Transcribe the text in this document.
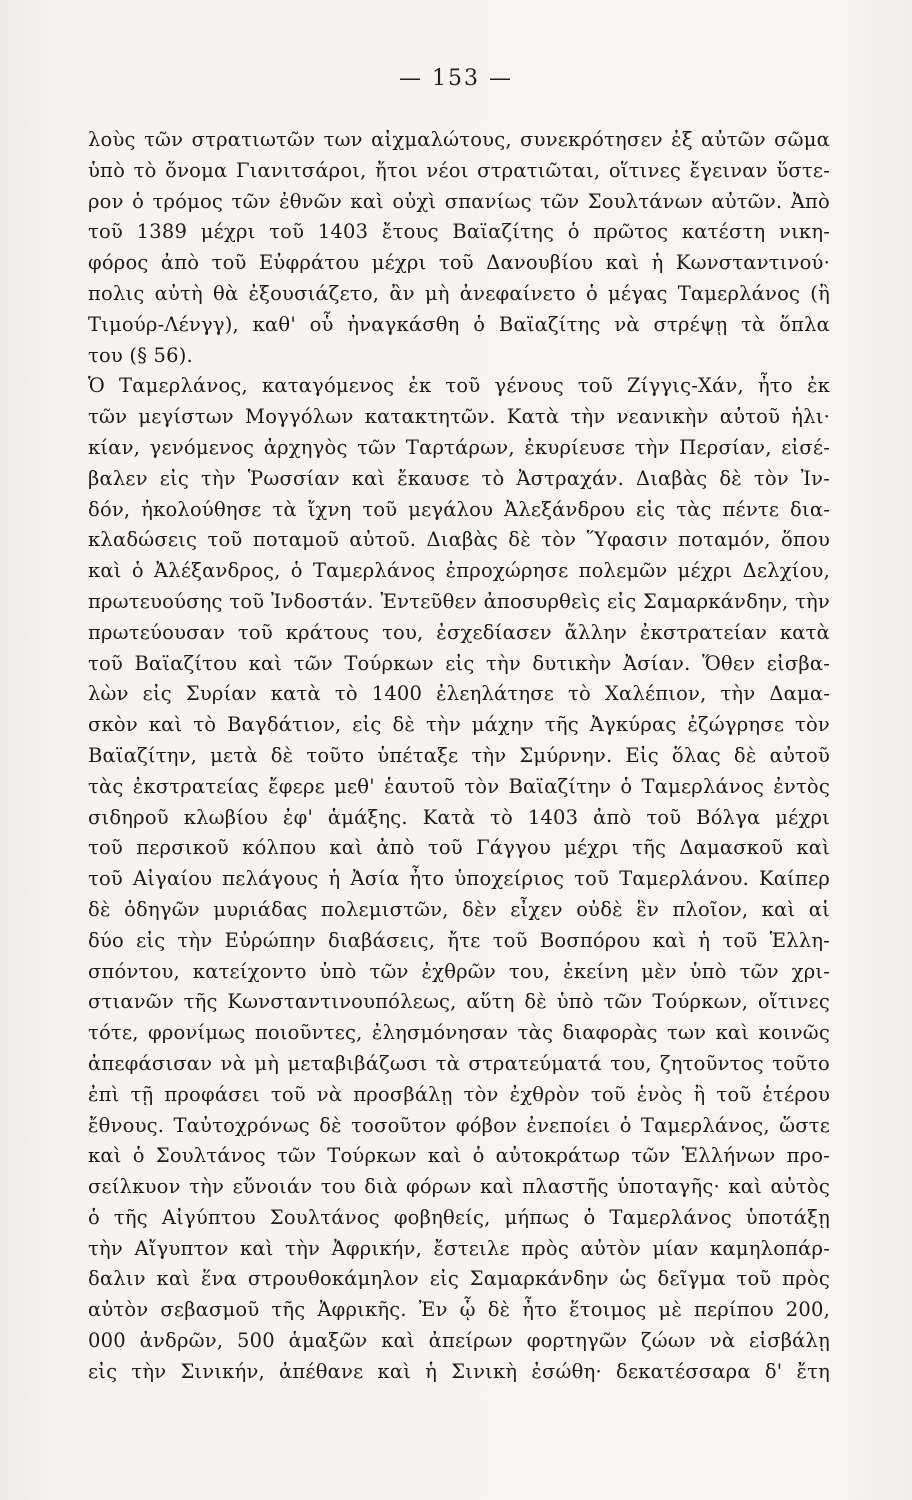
— 153 —
λοὺς τῶν στρατιωτῶν των αἰχμαλώτους, συνεκρότησεν ἐξ αὐτῶν σῶμα
ὑπὸ τὸ ὄνομα Γιανιτσάροι, ἤτοι νέοι στρατιῶται, οἵτινες ἔγειναν ὕστε-
ρον ὁ τρόμος τῶν ἐθνῶν καὶ οὐχὶ σπανίως τῶν Σουλτάνων αὐτῶν. Ἀπὸ
τοῦ 1389 μέχρι τοῦ 1403 ἔτους Βαϊαζίτης ὁ πρῶτος κατέστη νικη-
φόρος ἀπὸ τοῦ Εὐφράτου μέχρι τοῦ Δανουβίου καὶ ἡ Κωνσταντινού·
πολις αὐτὴ θὰ ἐξουσιάζετο, ἂν μὴ ἀνεφαίνετο ὁ μέγας Ταμερλάνος (ἢ
Τιμούρ-Λένγγ), καθ' οὗ ἠναγκάσθη ὁ Βαϊαζίτης νὰ στρέψῃ τὰ ὅπλα
του (§ 56).
Ὁ Ταμερλάνος, καταγόμενος ἐκ τοῦ γένους τοῦ Ζίγγις-Χάν, ἦτο ἐκ
τῶν μεγίστων Μογγόλων κατακτητῶν. Κατὰ τὴν νεανικὴν αὐτοῦ ἡλι·
κίαν, γενόμενος ἀρχηγὸς τῶν Ταρτάρων, ἐκυρίευσε τὴν Περσίαν, εἰσέ-
βαλεν εἰς τὴν Ῥωσσίαν καὶ ἔκαυσε τὸ Ἀστραχάν. Διαβὰς δὲ τὸν Ἰν-
δόν, ἠκολούθησε τὰ ἴχνη τοῦ μεγάλου Ἀλεξάνδρου εἰς τὰς πέντε δια-
κλαδώσεις τοῦ ποταμοῦ αὐτοῦ. Διαβὰς δὲ τὸν Ὕφασιν ποταμόν, ὅπου
καὶ ὁ Ἀλέξανδρος, ὁ Ταμερλάνος ἐπροχώρησε πολεμῶν μέχρι Δελχίου,
πρωτευούσης τοῦ Ἰνδοστάν. Ἐντεῦθεν ἀποσυρθεὶς εἰς Σαμαρκάνδην, τὴν
πρωτεύουσαν τοῦ κράτους του, ἐσχεδίασεν ἄλλην ἐκστρατείαν κατὰ
τοῦ Βαϊαζίτου καὶ τῶν Τούρκων εἰς τὴν δυτικὴν Ἀσίαν. Ὅθεν εἰσβα-
λὼν εἰς Συρίαν κατὰ τὸ 1400 ἐλεηλάτησε τὸ Χαλέπιον, τὴν Δαμα-
σκὸν καὶ τὸ Βαγδάτιον, εἰς δὲ τὴν μάχην τῆς Ἀγκύρας ἐζώγρησε τὸν
Βαϊαζίτην, μετὰ δὲ τοῦτο ὑπέταξε τὴν Σμύρνην. Εἰς ὅλας δὲ αὐτοῦ
τὰς ἐκστρατείας ἔφερε μεθ' ἑαυτοῦ τὸν Βαϊαζίτην ὁ Ταμερλάνος ἐντὸς
σιδηροῦ κλωβίου ἐφ' ἁμάξης. Κατὰ τὸ 1403 ἀπὸ τοῦ Βόλγα μέχρι
τοῦ περσικοῦ κόλπου καὶ ἀπὸ τοῦ Γάγγου μέχρι τῆς Δαμασκοῦ καὶ
τοῦ Αἰγαίου πελάγους ἡ Ἀσία ἦτο ὑποχείριος τοῦ Ταμερλάνου. Καίπερ
δὲ ὀδηγῶν μυριάδας πολεμιστῶν, δὲν εἶχεν οὐδὲ ἓν πλοῖον, καὶ αἱ
δύο εἰς τὴν Εὐρώπην διαβάσεις, ἤτε τοῦ Βοσπόρου καὶ ἡ τοῦ Ἑλλη-
σπόντου, κατείχοντο ὑπὸ τῶν ἐχθρῶν του, ἐκείνη μὲν ὑπὸ τῶν χρι-
στιανῶν τῆς Κωνσταντινουπόλεως, αὕτη δὲ ὑπὸ τῶν Τούρκων, οἵτινες
τότε, φρονίμως ποιοῦντες, ἐλησμόνησαν τὰς διαφορὰς των καὶ κοινῶς
ἀπεφάσισαν νὰ μὴ μεταβιβάζωσι τὰ στρατεύματά του, ζητοῦντος τοῦτο
ἐπὶ τῇ προφάσει τοῦ νὰ προσβάλῃ τὸν ἐχθρὸν τοῦ ἑνὸς ἢ τοῦ ἑτέρου
ἔθνους. Ταὐτοχρόνως δὲ τοσοῦτον φόβον ἐνεποίει ὁ Ταμερλάνος, ὥστε
καὶ ὁ Σουλτάνος τῶν Τούρκων καὶ ὁ αὐτοκράτωρ τῶν Ἑλλήνων προ-
σείλκυον τὴν εὔνοιάν του διὰ φόρων καὶ πλαστῆς ὑποταγῆς· καὶ αὐτὸς
ὁ τῆς Αἰγύπτου Σουλτάνος φοβηθείς, μήπως ὁ Ταμερλάνος ὑποτάξῃ
τὴν Αἴγυπτον καὶ τὴν Ἀφρικήν, ἔστειλε πρὸς αὐτὸν μίαν καμηλοπάρ-
δαλιν καὶ ἕνα στρουθοκάμηλον εἰς Σαμαρκάνδην ὡς δεῖγμα τοῦ πρὸς
αὐτὸν σεβασμοῦ τῆς Ἀφρικῆς. Ἐν ᾧ δὲ ἦτο ἕτοιμος μὲ περίπου 200,
000 ἀνδρῶν, 500 ἁμαξῶν καὶ ἀπείρων φορτηγῶν ζώων νὰ εἰσβάλῃ
εἰς τὴν Σινικήν, ἀπέθανε καὶ ἡ Σινικὴ ἐσώθη· δεκατέσσαρα δ' ἔτη
